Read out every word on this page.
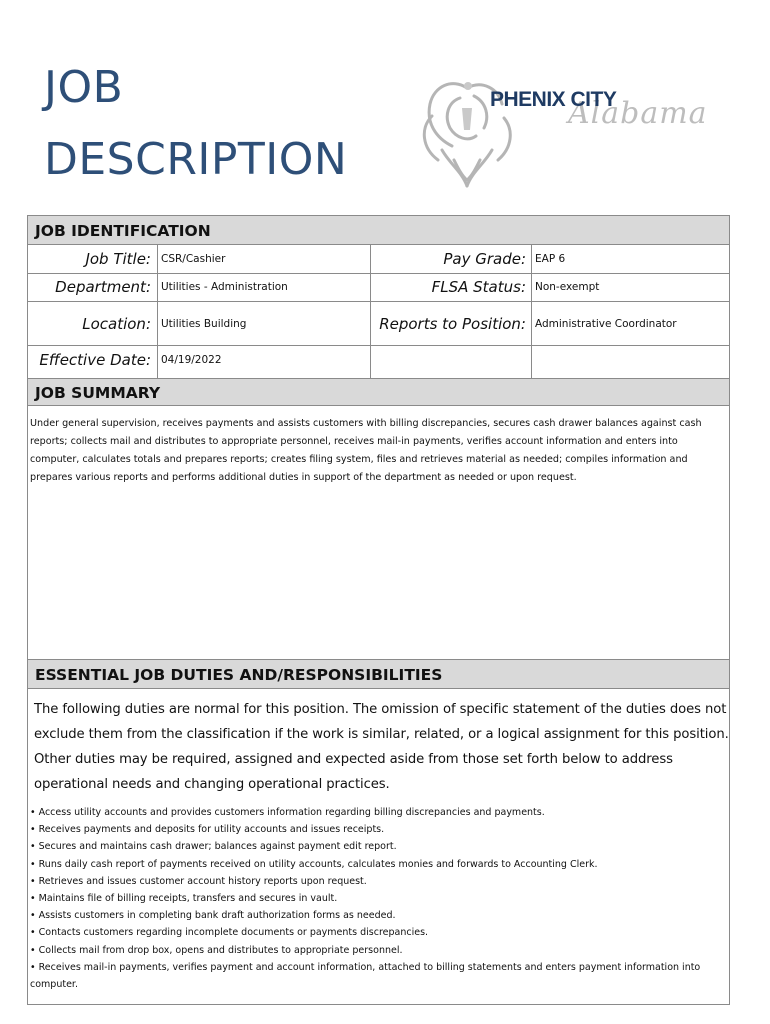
JOB
DESCRIPTION
Alabama
PHENIX CITY
JOB IDENTIFICATION
Job Title: CSR/Cashier	Pay Grade: EAP 6
Department: Utilities - Administration	FLSA Status: Non-exempt
Location: Utilities Building	Reports to Position: Administrative Coordinator
Effective Date: 04/19/2022
JOB SUMMARY

Under general supervision, receives payments and assists customers with billing discrepancies, secures cash drawer balances against cash reports; collects mail and distributes to appropriate personnel, receives mail-in payments, verifies account information and enters into computer, calculates totals and prepares reports; creates filing system, files and retrieves material as needed; compiles information and prepares various reports and performs additional duties in support of the department as needed or upon request.

ESSENTIAL JOB DUTIES AND/RESPONSIBILITIES

The following duties are normal for this position. The omission of specific statement of the duties does not exclude them from the classification if the work is similar, related, or a logical assignment for this position. Other duties may be required, assigned and expected aside from those set forth below to address operational needs and changing operational practices.

• Access utility accounts and provides customers information regarding billing discrepancies and payments.
• Receives payments and deposits for utility accounts and issues receipts.
• Secures and maintains cash drawer; balances against payment edit report.
• Runs daily cash report of payments received on utility accounts, calculates monies and forwards to Accounting Clerk.
• Retrieves and issues customer account history reports upon request.
• Maintains file of billing receipts, transfers and secures in vault.
• Assists customers in completing bank draft authorization forms as needed.
• Contacts customers regarding incomplete documents or payments discrepancies.
• Collects mail from drop box, opens and distributes to appropriate personnel.
• Receives mail-in payments, verifies payment and account information, attached to billing statements and enters payment information into computer.
